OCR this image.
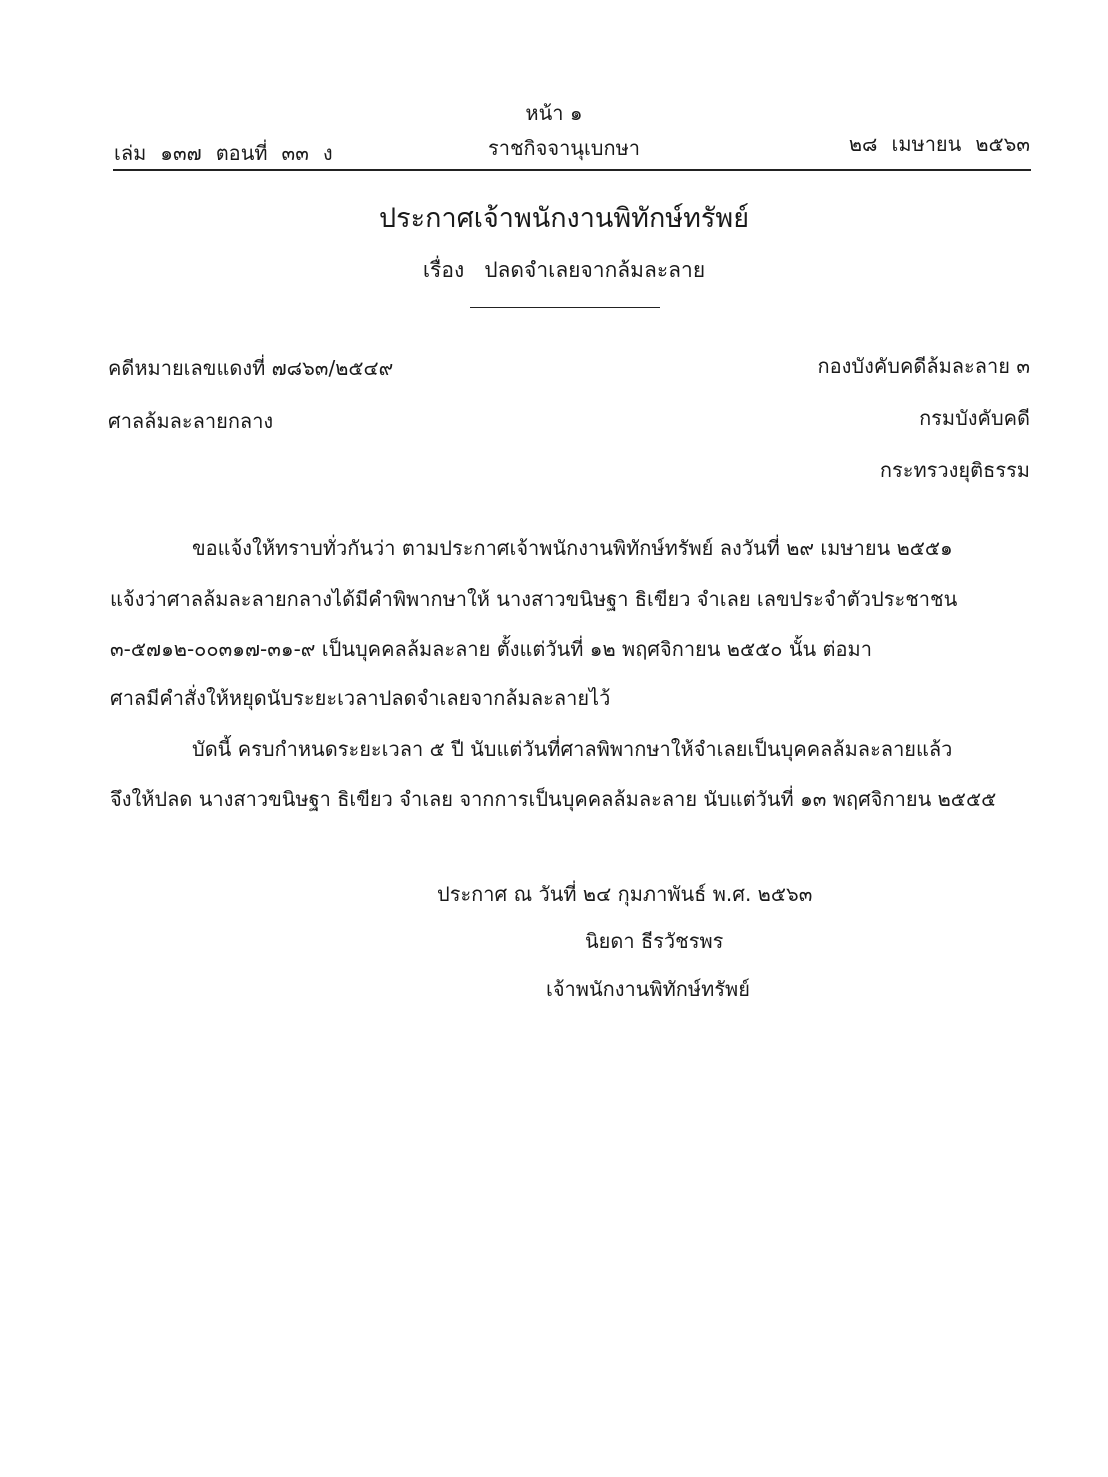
หน้า ๑
เล่ม ๑๓๗ ตอนที่ ๓๓ ง	ราชกิจจานุเบกษา	๒๘ เมษายน ๒๕๖๓
ประกาศเจ้าพนักงานพิทักษ์ทรัพย์
เรื่อง ปลดจำเลยจากล้มละลาย
คดีหมายเลขแดงที่ ๗๘๖๓/๒๕๔๙
ศาลล้มละลายกลาง
กองบังคับคดีล้มละลาย ๓
กรมบังคับคดี
กระทรวงยุติธรรม
ขอแจ้งให้ทราบทั่วกันว่า ตามประกาศเจ้าพนักงานพิทักษ์ทรัพย์ ลงวันที่ ๒๙ เมษายน ๒๕๕๑
แจ้งว่าศาลล้มละลายกลางได้มีคำพิพากษาให้ นางสาวขนิษฐา ธิเขียว จำเลย เลขประจำตัวประชาชน
๓-๕๗๑๒-๐๐๓๑๗-๓๑-๙ เป็นบุคคลล้มละลาย ตั้งแต่วันที่ ๑๒ พฤศจิกายน ๒๕๕๐ นั้น ต่อมา
ศาลมีคำสั่งให้หยุดนับระยะเวลาปลดจำเลยจากล้มละลายไว้
บัดนี้ ครบกำหนดระยะเวลา ๕ ปี นับแต่วันที่ศาลพิพากษาให้จำเลยเป็นบุคคลล้มละลายแล้ว
จึงให้ปลด นางสาวขนิษฐา ธิเขียว จำเลย จากการเป็นบุคคลล้มละลาย นับแต่วันที่ ๑๓ พฤศจิกายน ๒๕๕๕
ประกาศ ณ วันที่ ๒๔ กุมภาพันธ์ พ.ศ. ๒๕๖๓
นิยดา ธีรวัชรพร
เจ้าพนักงานพิทักษ์ทรัพย์
